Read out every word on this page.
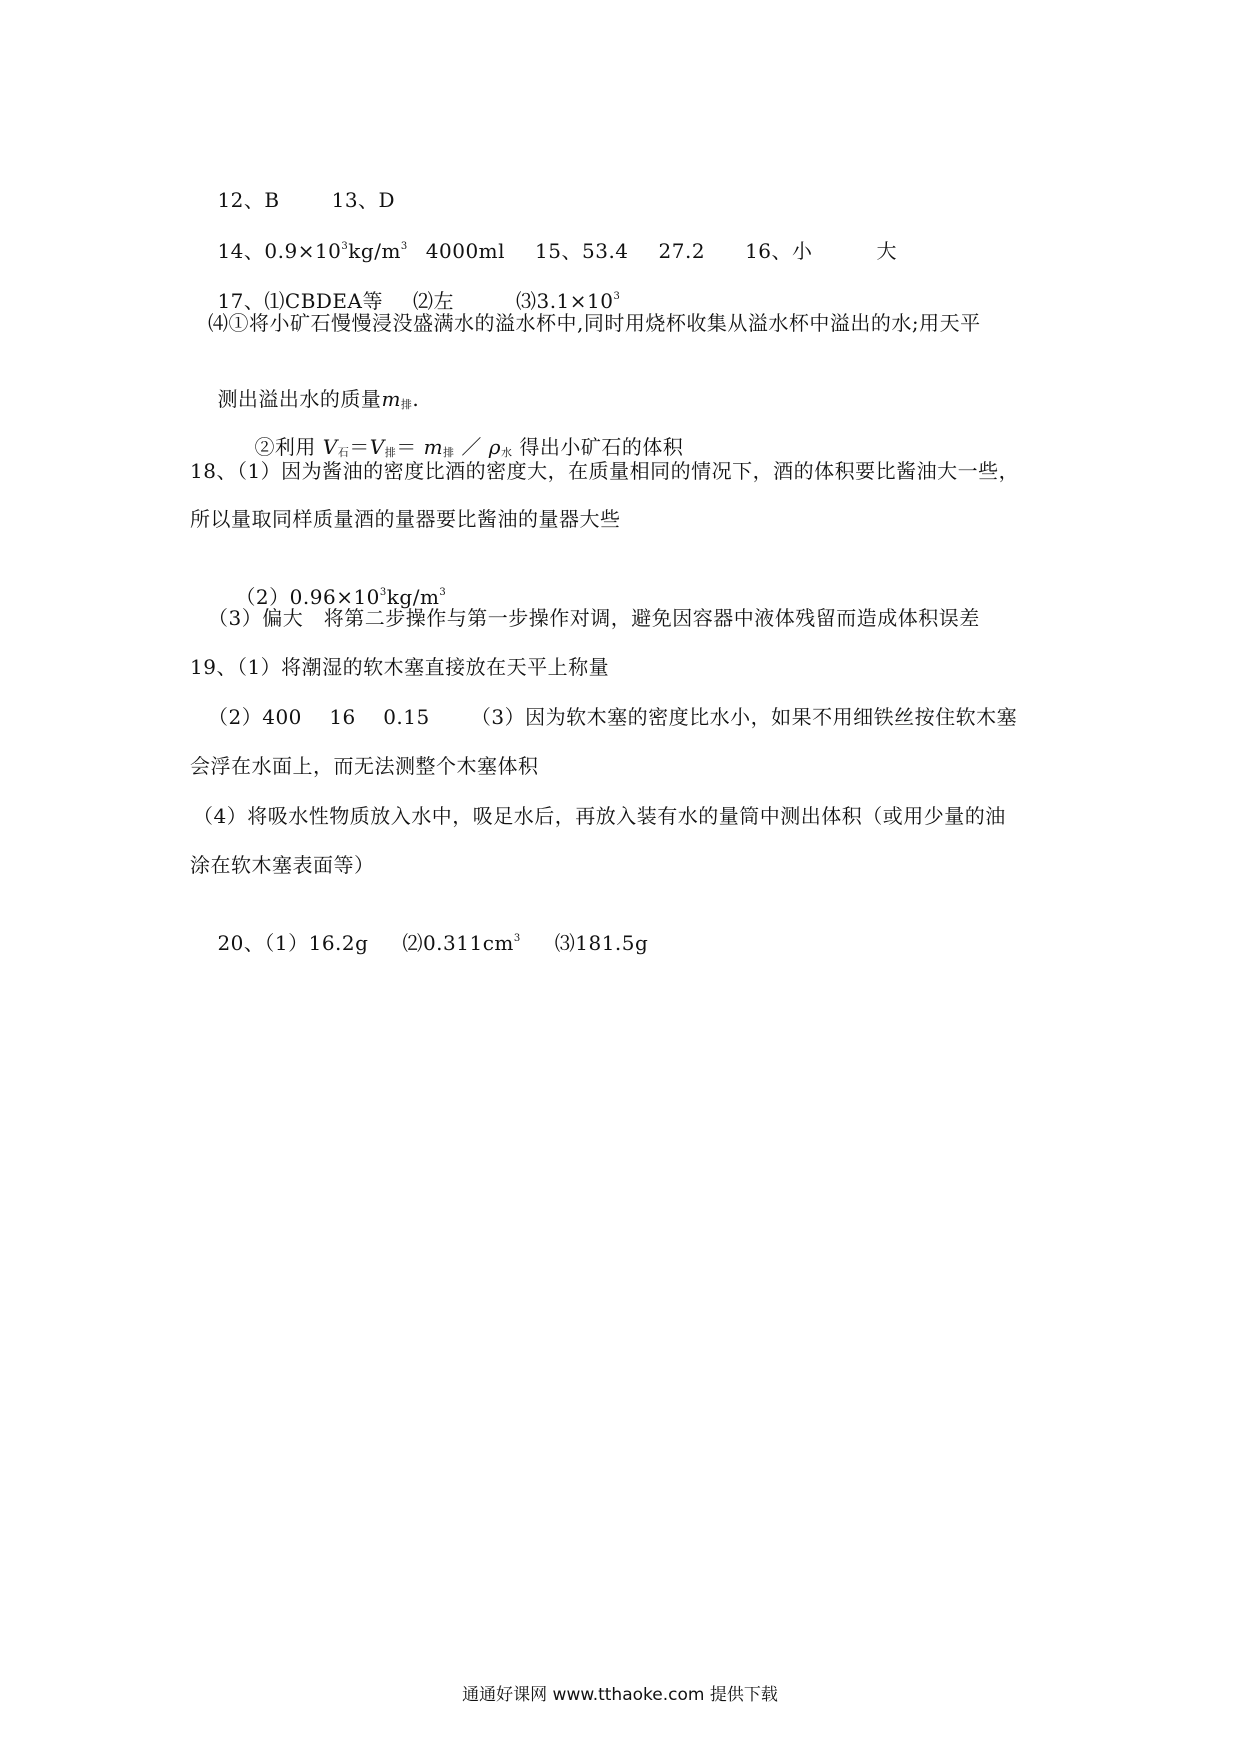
12、B	13、D

14、$0.9\times 10^3kg/m^3$ 4000ml 15、53.4 27.2 16、小	大

17、⑴CBDEA等 ⑵左	$⑶3.1\times 10^3$

⑷①将小矿石慢慢浸没盛满水的溢水杯中,同时用烧杯收集从溢水杯中溢出的水;用天平

测出溢出水的质量$m_排$.

②利用 $V_石=V_排= m_排$ ／ $\rho_水$ 得出小矿石的体积

18、（1）因为酱油的密度比酒的密度大，在质量相同的情况下，酒的体积要比酱油大一些，
所以量取同样质量酒的量器要比酱油的量器大些

$(2)0.96\times 10^3kg/m^3$

（3）偏大   将第二步操作与第一步操作对调，避免因容器中液体残留而造成体积误差
19、（1）将潮湿的软木塞直接放在天平上称量
（2）400    16    0.15      （3）因为软木塞的密度比水小，如果不用细铁丝按住软木塞
会浮在水面上，而无法测整个木塞体积
（4）将吸水性物质放入水中，吸足水后，再放入装有水的量筒中测出体积（或用少量的油
涂在软木塞表面等）

20、（1）16.2g $⑵0.311cm^3$ ⑶181.5g

通通好课网 www.tthaoke.com 提供下载
